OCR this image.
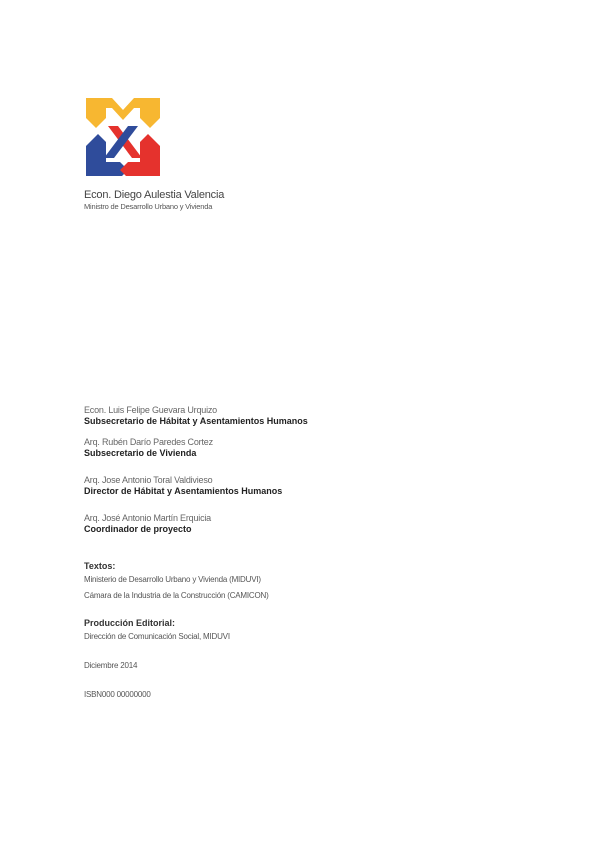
Econ. Diego Aulestia Valencia
Ministro de Desarrollo Urbano y Vivienda
Econ. Luis Felipe Guevara Urquizo
Subsecretario de Hábitat y Asentamientos Humanos
Arq. Rubén Darío Paredes Cortez
Subsecretario de Vivienda
Arq. Jose Antonio Toral Valdivieso
Director de Hábitat y Asentamientos Humanos
Arq. José Antonio Martín Erquicia
Coordinador de proyecto
Textos:
Ministerio de Desarrollo Urbano y Vivienda (MIDUVI)
Cámara de la Industria de la Construcción (CAMICON)
Producción Editorial:
Dirección de Comunicación Social, MIDUVI
Diciembre 2014
ISBN000 00000000
